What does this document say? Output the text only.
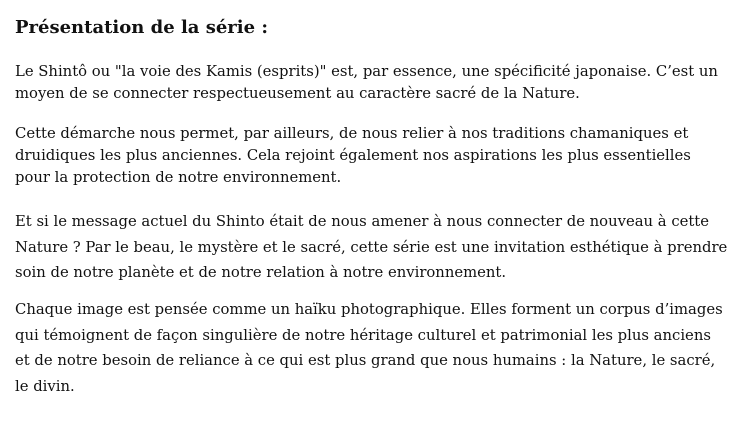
Présentation de la série :

Le Shintô ou "la voie des Kamis (esprits)" est, par essence, une spécificité japonaise. C’est un moyen de se connecter respectueusement au caractère sacré de la Nature.

Cette démarche nous permet, par ailleurs, de nous relier à nos traditions chamaniques et druidiques les plus anciennes. Cela rejoint également nos aspirations les plus essentielles pour la protection de notre environnement.

Et si le message actuel du Shinto était de nous amener à nous connecter de nouveau à cette Nature ? Par le beau, le mystère et le sacré, cette série est une invitation esthétique à prendre soin de notre planète et de notre relation à notre environnement.

Chaque image est pensée comme un haïku photographique. Elles forment un corpus d’images qui témoignent de façon singulière de notre héritage culturel et patrimonial les plus anciens et de notre besoin de reliance à ce qui est plus grand que nous humains : la Nature, le sacré, le divin.
